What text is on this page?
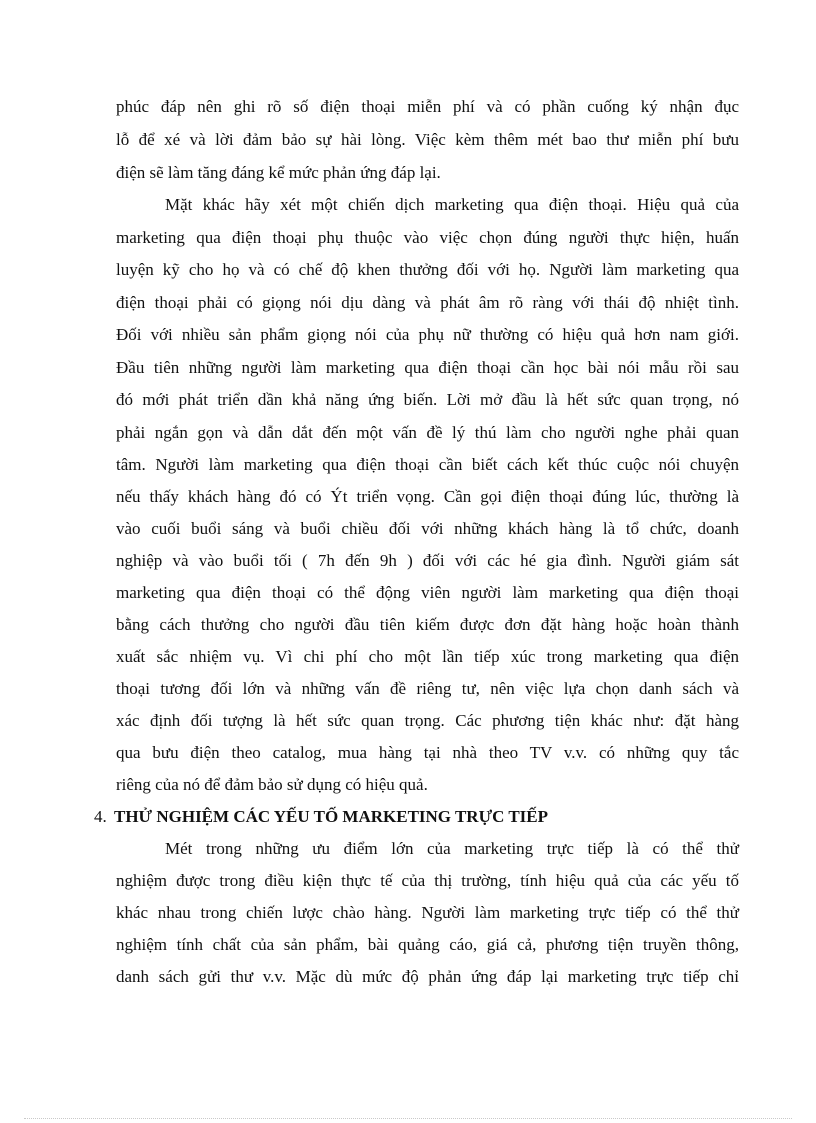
phúc đáp nên ghi rõ số điện thoại miễn phí và có phần cuống ký nhận đục
lỗ để xé và lời đảm bảo sự hài lòng. Việc kèm thêm mét bao thư miễn phí bưu
điện sẽ làm tăng đáng kể mức phản ứng đáp lại.
Mặt khác hãy xét một chiến dịch marketing qua điện thoại. Hiệu quả của
marketing qua điện thoại phụ thuộc vào việc chọn đúng người thực hiện, huấn
luyện kỹ cho họ và có chế độ khen thưởng đối với họ. Người làm marketing qua
điện thoại phải có giọng nói dịu dàng và phát âm rõ ràng với thái độ nhiệt tình.
Đối với nhiều sản phẩm giọng nói của phụ nữ thường có hiệu quả hơn nam giới.
Đầu tiên những người làm marketing qua điện thoại cần học bài nói mẫu rồi sau
đó mới phát triển dần khả năng ứng biến. Lời mở đầu là hết sức quan trọng, nó
phải ngắn gọn và dẫn dắt đến một vấn đề lý thú làm cho người nghe phải quan
tâm. Người làm marketing qua điện thoại cần biết cách kết thúc cuộc nói chuyện
nếu thấy khách hàng đó có Ýt triển vọng. Cần gọi điện thoại đúng lúc, thường là
vào cuối buổi sáng và buổi chiều đối với những khách hàng là tổ chức, doanh
nghiệp và vào buổi tối ( 7h đến 9h ) đối với các hé gia đình. Người giám sát
marketing qua điện thoại có thể động viên người làm marketing qua điện thoại
bằng cách thưởng cho người đầu tiên kiếm được đơn đặt hàng hoặc hoàn thành
xuất sắc nhiệm vụ. Vì chi phí cho một lần tiếp xúc trong marketing qua điện
thoại tương đối lớn và những vấn đề riêng tư, nên việc lựa chọn danh sách và
xác định đối tượng là hết sức quan trọng. Các phương tiện khác như: đặt hàng
qua bưu điện theo catalog, mua hàng tại nhà theo TV v.v. có những quy tắc
riêng của nó để đảm bảo sử dụng có hiệu quả.
4. THỬ NGHIỆM CÁC YẾU TỐ MARKETING TRỰC TIẾP
Mét trong những ưu điểm lớn của marketing trực tiếp là có thể thử
nghiệm được trong điều kiện thực tế của thị trường, tính hiệu quả của các yếu tố
khác nhau trong chiến lược chào hàng. Người làm marketing trực tiếp có thể thử
nghiệm tính chất của sản phẩm, bài quảng cáo, giá cả, phương tiện truyền thông,
danh sách gửi thư v.v. Mặc dù mức độ phản ứng đáp lại marketing trực tiếp chỉ
